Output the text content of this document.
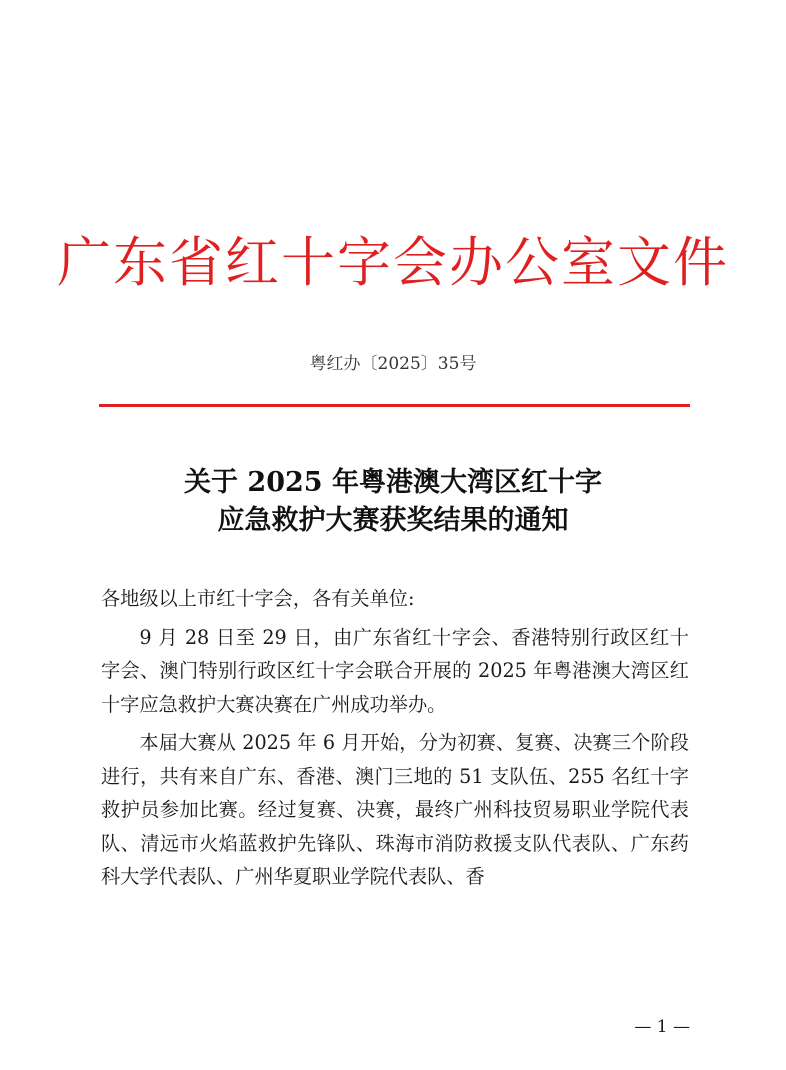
广东省红十字会办公室文件
粤红办〔2025〕35号
关于 2025 年粤港澳大湾区红十字
应急救护大赛获奖结果的通知

各地级以上市红十字会，各有关单位:

9 月 28 日至 29 日，由广东省红十字会、香港特别行政区红十字会、澳门特别行政区红十字会联合开展的 2025 年粤港澳大湾区红十字应急救护大赛决赛在广州成功举办。

本届大赛从 2025 年 6 月开始，分为初赛、复赛、决赛三个阶段进行，共有来自广东、香港、澳门三地的 51 支队伍、255 名红十字救护员参加比赛。经过复赛、决赛，最终广州科技贸易职业学院代表队、清远市火焰蓝救护先锋队、珠海市消防救援支队代表队、广东药科大学代表队、广州华夏职业学院代表队、香

— 1 —
